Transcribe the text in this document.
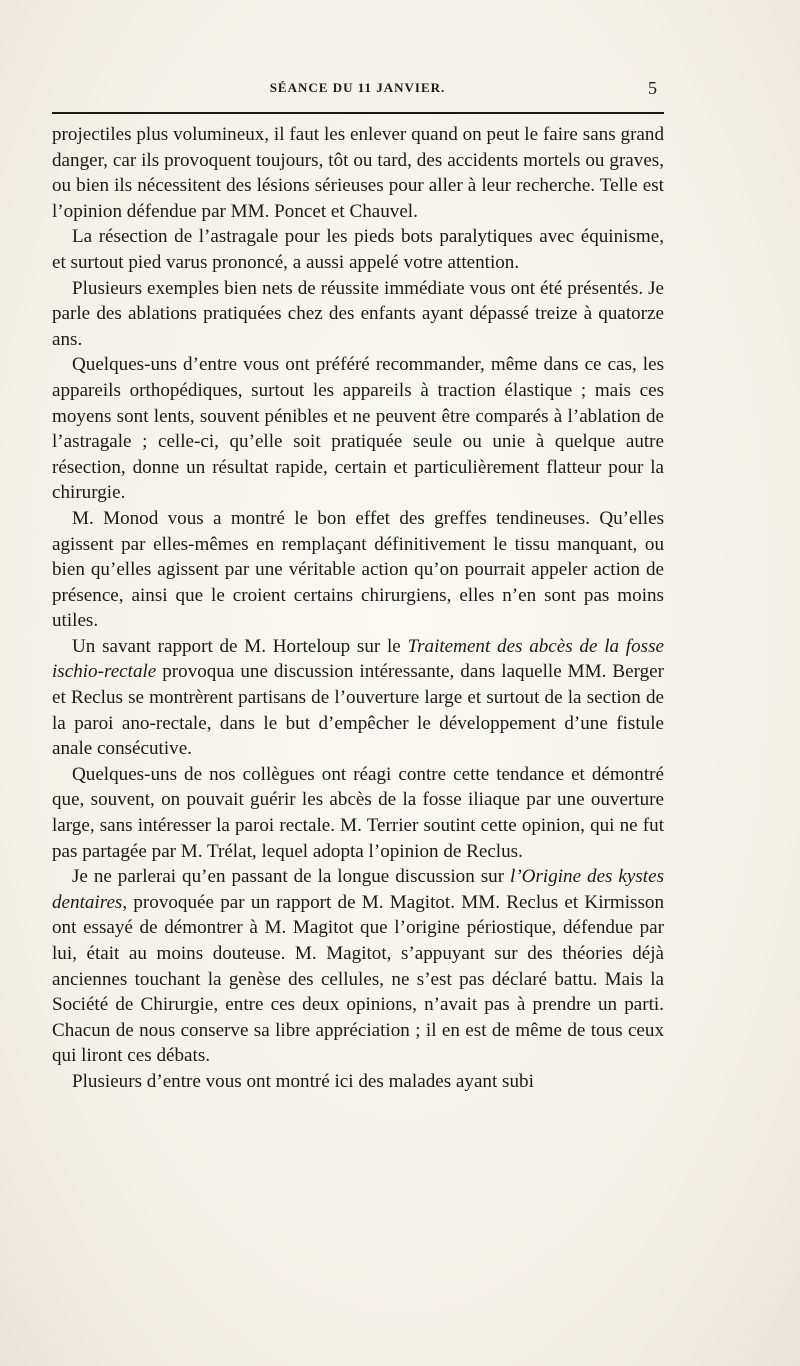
SÉANCE DU 11 JANVIER.	5

projectiles plus volumineux, il faut les enlever quand on peut le faire sans grand danger, car ils provoquent toujours, tôt ou tard, des accidents mortels ou graves, ou bien ils nécessitent des lésions sérieuses pour aller à leur recherche. Telle est l’opinion défendue par MM. Poncet et Chauvel.

La résection de l’astragale pour les pieds bots paralytiques avec équinisme, et surtout pied varus prononcé, a aussi appelé votre attention.

Plusieurs exemples bien nets de réussite immédiate vous ont été présentés. Je parle des ablations pratiquées chez des enfants ayant dépassé treize à quatorze ans.

Quelques-uns d’entre vous ont préféré recommander, même dans ce cas, les appareils orthopédiques, surtout les appareils à traction élastique ; mais ces moyens sont lents, souvent pénibles et ne peuvent être comparés à l’ablation de l’astragale ; celle-ci, qu’elle soit pratiquée seule ou unie à quelque autre résection, donne un résultat rapide, certain et particulièrement flatteur pour la chirurgie.

M. Monod vous a montré le bon effet des greffes tendineuses. Qu’elles agissent par elles-mêmes en remplaçant définitivement le tissu manquant, ou bien qu’elles agissent par une véritable action qu’on pourrait appeler action de présence, ainsi que le croient certains chirurgiens, elles n’en sont pas moins utiles.

Un savant rapport de M. Horteloup sur le Traitement des abcès de la fosse ischio-rectale provoqua une discussion intéressante, dans laquelle MM. Berger et Reclus se montrèrent partisans de l’ouverture large et surtout de la section de la paroi ano-rectale, dans le but d’empêcher le développement d’une fistule anale consécutive.

Quelques-uns de nos collègues ont réagi contre cette tendance et démontré que, souvent, on pouvait guérir les abcès de la fosse iliaque par une ouverture large, sans intéresser la paroi rectale. M. Terrier soutint cette opinion, qui ne fut pas partagée par M. Trélat, lequel adopta l’opinion de Reclus.

Je ne parlerai qu’en passant de la longue discussion sur l’Origine des kystes dentaires, provoquée par un rapport de M. Magitot. MM. Reclus et Kirmisson ont essayé de démontrer à M. Magitot que l’origine périostique, défendue par lui, était au moins douteuse. M. Magitot, s’appuyant sur des théories déjà anciennes touchant la genèse des cellules, ne s’est pas déclaré battu. Mais la Société de Chirurgie, entre ces deux opinions, n’avait pas à prendre un parti. Chacun de nous conserve sa libre appréciation ; il en est de même de tous ceux qui liront ces débats.

Plusieurs d’entre vous ont montré ici des malades ayant subi
